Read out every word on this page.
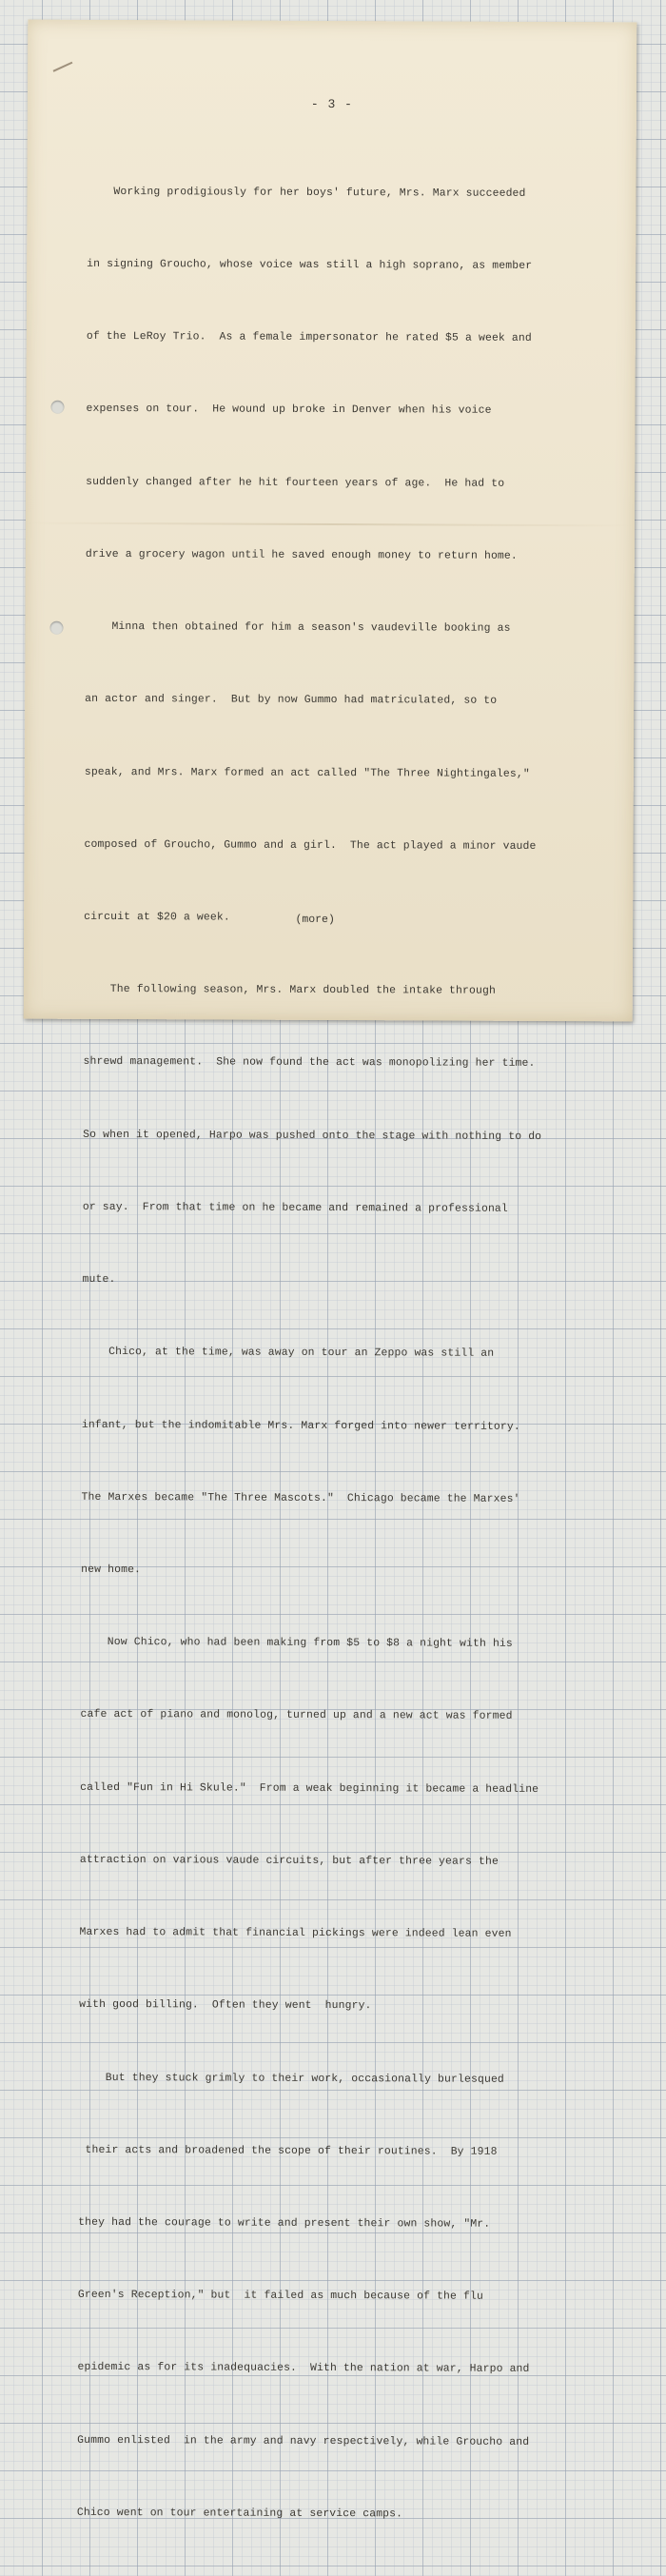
- 3 -

Working prodigiously for her boys' future, Mrs. Marx succeeded

in signing Groucho, whose voice was still a high soprano, as member

of the LeRoy Trio.  As a female impersonator he rated $5 a week and

expenses on tour.  He wound up broke in Denver when his voice

suddenly changed after he hit fourteen years of age.  He had to

drive a grocery wagon until he saved enough money to return home.

Minna then obtained for him a season's vaudeville booking as

an actor and singer.  But by now Gummo had matriculated, so to

speak, and Mrs. Marx formed an act called "The Three Nightingales,"

composed of Groucho, Gummo and a girl.  The act played a minor vaude

circuit at $20 a week.

The following season, Mrs. Marx doubled the intake through

shrewd management.  She now found the act was monopolizing her time.

So when it opened, Harpo was pushed onto the stage with nothing to do

or say.  From that time on he became and remained a professional

mute.

Chico, at the time, was away on tour an Zeppo was still an

infant, but the indomitable Mrs. Marx forged into newer territory.

The Marxes became "The Three Mascots."  Chicago became the Marxes'

new home.

Now Chico, who had been making from $5 to $8 a night with his

cafe act of piano and monolog, turned up and a new act was formed

called "Fun in Hi Skule."  From a weak beginning it became a headline

attraction on various vaude circuits, but after three years the

Marxes had to admit that financial pickings were indeed lean even

with good billing.  Often they went  hungry.

But they stuck grimly to their work, occasionally burlesqued

their acts and broadened the scope of their routines.  By 1918

they had the courage to write and present their own show, "Mr.

Green's Reception," but  it failed as much because of the flu

epidemic as for its inadequacies.  With the nation at war, Harpo and

Gummo enlisted  in the army and navy respectively, while Groucho and

Chico went on tour entertaining at service camps.

(more)
